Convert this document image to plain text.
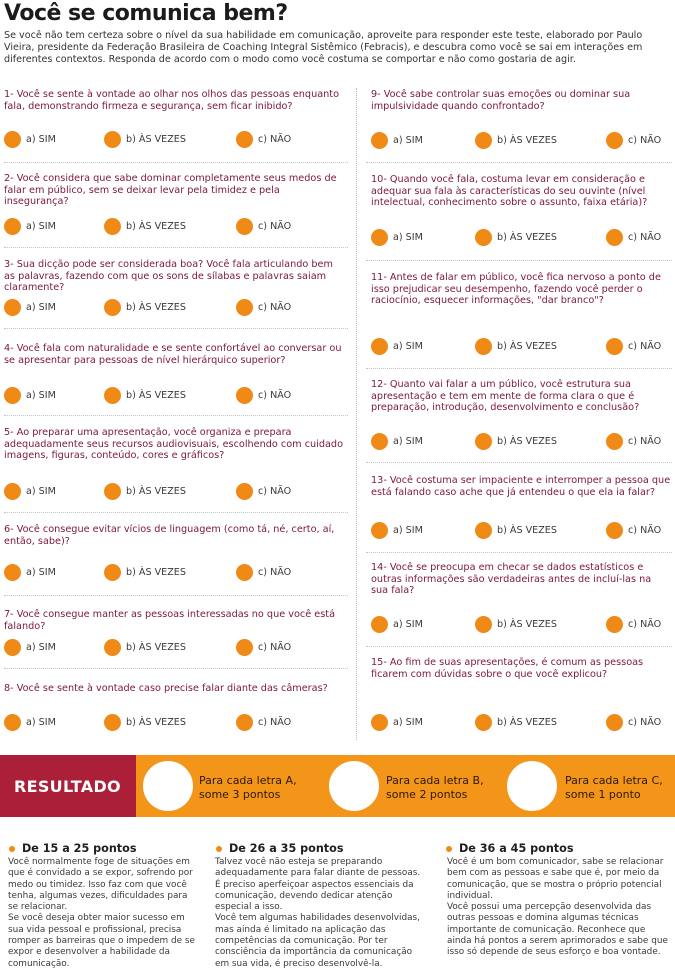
Você se comunica bem?
Se você não tem certeza sobre o nível da sua habilidade em comunicação, aproveite para responder este teste, elaborado por Paulo Vieira, presidente da Federação Brasileira de Coaching Integral Sistêmico (Febracis), e descubra como você se sai em interações em diferentes contextos. Responda de acordo com o modo como você costuma se comportar e não como gostaria de agir.
1- Você se sente à vontade ao olhar nos olhos das pessoas enquanto fala, demonstrando firmeza e segurança, sem ficar inibido?
a) SIM	b) ÀS VEZES	c) NÃO
2- Você considera que sabe dominar completamente seus medos de falar em público, sem se deixar levar pela timidez e pela insegurança?
a) SIM	b) ÀS VEZES	c) NÃO
3- Sua dicção pode ser considerada boa? Você fala articulando bem as palavras, fazendo com que os sons de sílabas e palavras saiam claramente?
a) SIM	b) ÀS VEZES	c) NÃO
4- Você fala com naturalidade e se sente confortável ao conversar ou se apresentar para pessoas de nível hierárquico superior?
a) SIM	b) ÀS VEZES	c) NÃO
5- Ao preparar uma apresentação, você organiza e prepara adequadamente seus recursos audiovisuais, escolhendo com cuidado imagens, figuras, conteúdo, cores e gráficos?
a) SIM	b) ÀS VEZES	c) NÃO
6- Você consegue evitar vícios de linguagem (como tá, né, certo, aí, então, sabe)?
a) SIM	b) ÀS VEZES	c) NÃO
7- Você consegue manter as pessoas interessadas no que você está falando?
a) SIM	b) ÀS VEZES	c) NÃO
8- Você se sente à vontade caso precise falar diante das câmeras?
a) SIM	b) ÀS VEZES	c) NÃO
9- Você sabe controlar suas emoções ou dominar sua impulsividade quando confrontado?
a) SIM	b) ÀS VEZES	c) NÃO
10- Quando você fala, costuma levar em consideração e adequar sua fala às características do seu ouvinte (nível intelectual, conhecimento sobre o assunto, faixa etária)?
a) SIM	b) ÀS VEZES	c) NÃO
11- Antes de falar em público, você fica nervoso a ponto de isso prejudicar seu desempenho, fazendo você perder o raciocínio, esquecer informações, "dar branco"?
a) SIM	b) ÀS VEZES	c) NÃO
12- Quanto vai falar a um público, você estrutura sua apresentação e tem em mente de forma clara o que é preparação, introdução, desenvolvimento e conclusão?
a) SIM	b) ÀS VEZES	c) NÃO
13- Você costuma ser impaciente e interromper a pessoa que está falando caso ache que já entendeu o que ela ia falar?
a) SIM	b) ÀS VEZES	c) NÃO
14- Você se preocupa em checar se dados estatísticos e outras informações são verdadeiras antes de incluí-las na sua fala?
a) SIM	b) ÀS VEZES	c) NÃO
15- Ao fim de suas apresentações, é comum as pessoas ficarem com dúvidas sobre o que você explicou?
a) SIM	b) ÀS VEZES	c) NÃO
RESULTADO	Para cada letra A, some 3 pontos
Para cada letra B, some 2 pontos
Para cada letra C, some 1 ponto
De 15 a 25 pontos
Você normalmente foge de situações em que é convidado a se expor, sofrendo por medo ou timidez. Isso faz com que você tenha, algumas vezes, dificuldades para se relacionar.
Se você deseja obter maior sucesso em sua vida pessoal e profissional, precisa romper as barreiras que o impedem de se expor e desenvolver a habilidade da comunicação.
De 26 a 35 pontos
Talvez você não esteja se preparando adequadamente para falar diante de pessoas.
É preciso aperfeiçoar aspectos essenciais da comunicação, devendo dedicar atenção especial a isso.
Você tem algumas habilidades desenvolvidas, mas ainda é limitado na aplicação das competências da comunicação. Por ter consciência da importância da comunicação em sua vida, é preciso desenvolvê-la.
De 36 a 45 pontos
Você é um bom comunicador, sabe se relacionar bem com as pessoas e sabe que é, por meio da comunicação, que se mostra o próprio potencial individual.
Você possui uma percepção desenvolvida das outras pessoas e domina algumas técnicas importante de comunicação. Reconhece que ainda há pontos a serem aprimorados e sabe que isso só depende de seus esforço e boa vontade.
